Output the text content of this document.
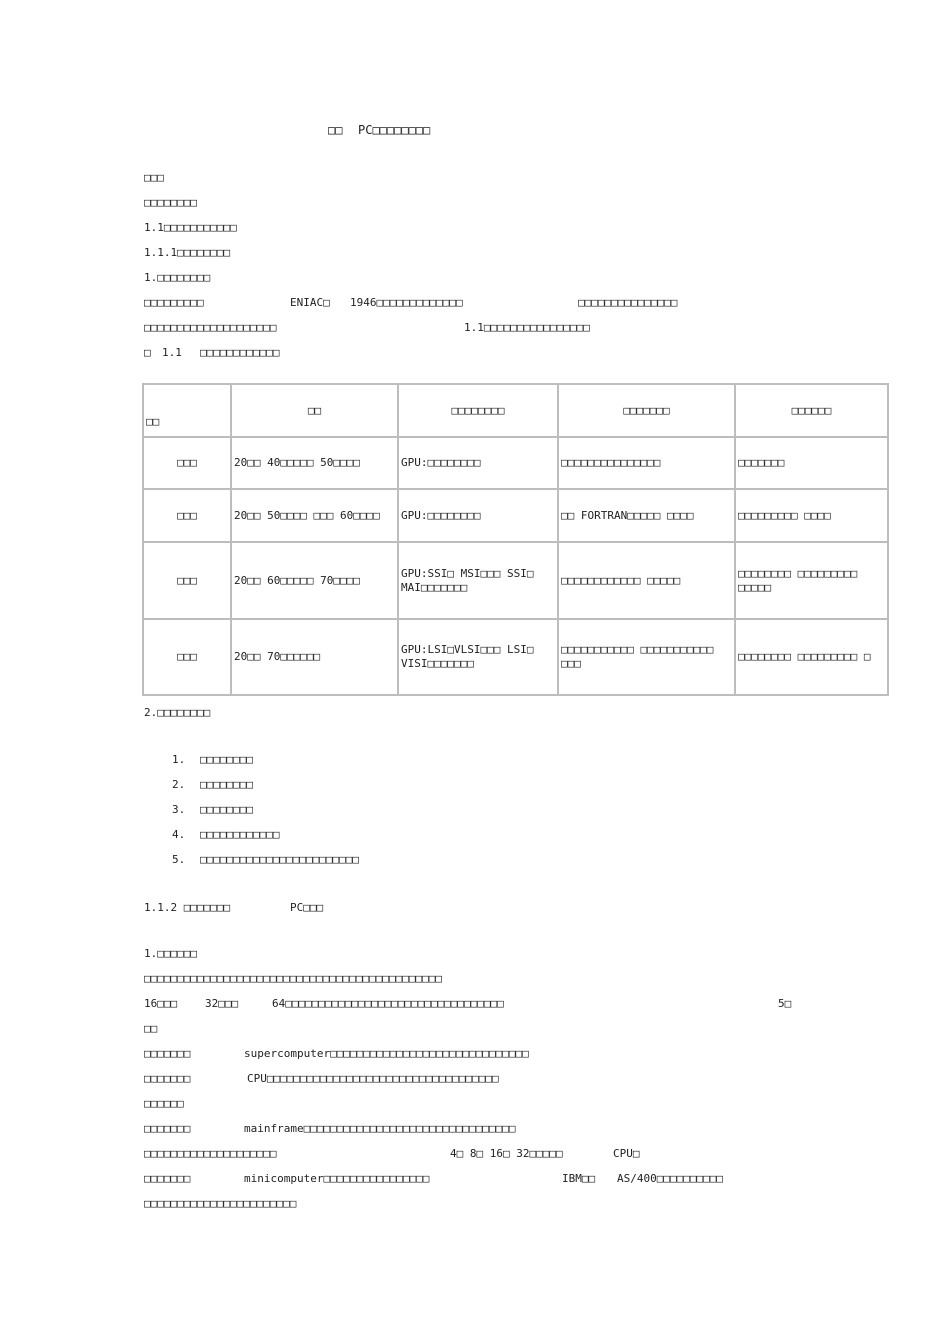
□□ PC□□□□□□□□
□□□
□□□□□□□□
1.1□□□□□□□□□□□
1.1.1□□□□□□□□
1.□□□□□□□□
□□□□□□□□□	ENIAC□ 1946□□□□□□□□□□□□□	□□□□□□□□□□□□□□□
□□□□□□□□□□□□□□□□□□□□	1.1□□□□□□□□□□□□□□□□
□ 1.1 □□□□□□□□□□□□
□□	□□	□□□□□□□□	□□□□□□□	□□□□□□
□□□	20□□ 40□□□□□ 50□□□□	GPU:□□□□□□□□	□□□□□□□□□□□□□□□	□□□□□□□
□□□	20□□ 50□□□□ □□□ 60□□□□	GPU:□□□□□□□□	□□ FORTRAN□□□□□ □□□□	□□□□□□□□□ □□□□
□□□	20□□ 60□□□□□ 70□□□□	GPU:SSI□ MSI□□□ SSI□ MAI□□□□□□□	□□□□□□□□□□□□ □□□□□	□□□□□□□□ □□□□□□□□□ □□□□□
□□□	20□□ 70□□□□□□	GPU:LSI□VLSI□□□ LSI□ VISI□□□□□□□	□□□□□□□□□□□ □□□□□□□□□□□ □□□	□□□□□□□□ □□□□□□□□□ □
2.□□□□□□□□
1. □□□□□□□□
2. □□□□□□□□
3. □□□□□□□□
4. □□□□□□□□□□□□
5. □□□□□□□□□□□□□□□□□□□□□□□□
1.1.2 □□□□□□□	PC□□□
1.□□□□□□
□□□□□□□□□□□□□□□□□□□□□□□□□□□□□□□□□□□□□□□□□□□□□
16□□□	32□□□	64□□□□□□□□□□□□□□□□□□□□□□□□□□□□□□□□□	5□
□□
□□□□□□□	supercomputer□□□□□□□□□□□□□□□□□□□□□□□□□□□□□□
□□□□□□□	CPU□□□□□□□□□□□□□□□□□□□□□□□□□□□□□□□□□□□
□□□□□□
□□□□□□□	mainframe□□□□□□□□□□□□□□□□□□□□□□□□□□□□□□□□
□□□□□□□□□□□□□□□□□□□□	4□ 8□ 16□ 32□□□□□	CPU□
□□□□□□□	minicomputer□□□□□□□□□□□□□□□□	IBM□□ AS/400□□□□□□□□□□
□□□□□□□□□□□□□□□□□□□□□□□
